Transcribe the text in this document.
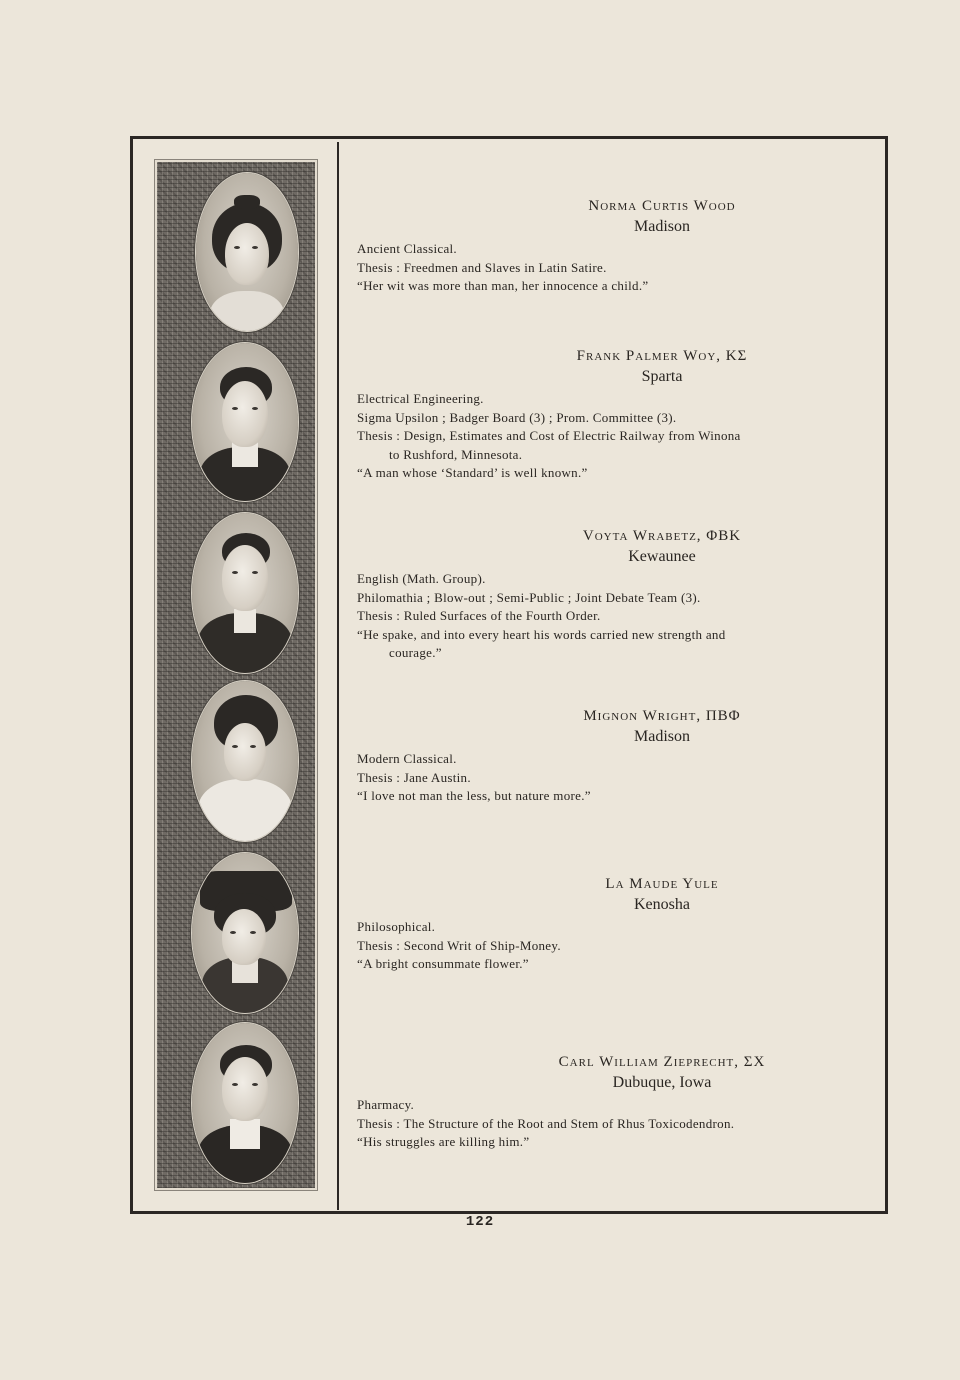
Norma Curtis Wood
Madison
Ancient Classical.
Thesis : Freedmen and Slaves in Latin Satire.
“Her wit was more than man, her innocence a child.”
Frank Palmer Woy, ΚΣ
Sparta
Electrical Engineering.
Sigma Upsilon ; Badger Board (3) ; Prom. Committee (3).
Thesis : Design, Estimates and Cost of Electric Railway from Winona
to Rushford, Minnesota.
“A man whose ‘Standard’ is well known.”
Voyta Wrabetz, ΦΒΚ
Kewaunee
English (Math. Group).
Philomathia ; Blow-out ; Semi-Public ; Joint Debate Team (3).
Thesis : Ruled Surfaces of the Fourth Order.
“He spake, and into every heart his words carried new strength and
courage.”
Mignon Wright, ΠΒΦ
Madison
Modern Classical.
Thesis : Jane Austin.
“I love not man the less, but nature more.”
La Maude Yule
Kenosha
Philosophical.
Thesis : Second Writ of Ship-Money.
“A bright consummate flower.”
Carl William Zieprecht, ΣΧ
Dubuque, Iowa
Pharmacy.
Thesis : The Structure of the Root and Stem of Rhus Toxicodendron.
“His struggles are killing him.”
122
